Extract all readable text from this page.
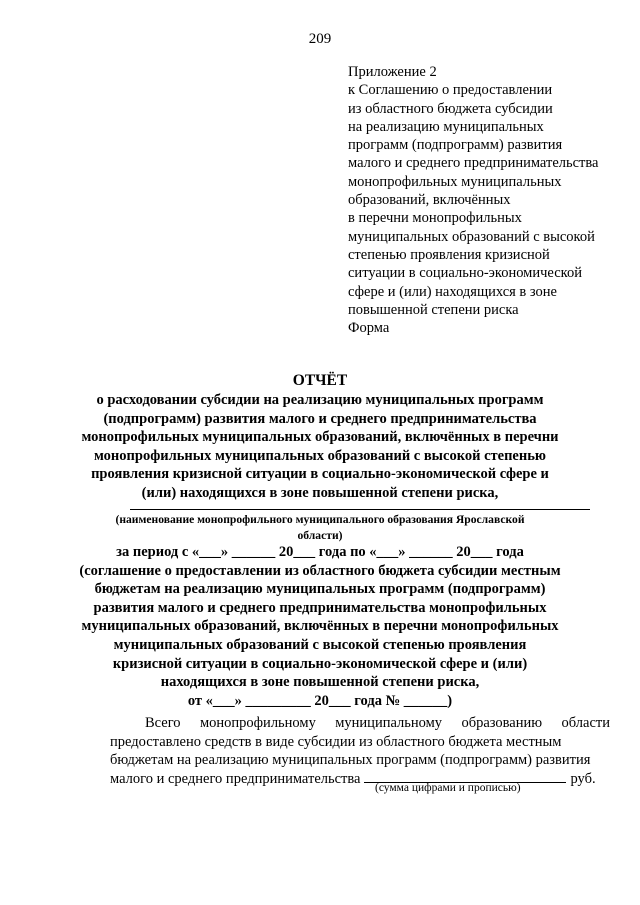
209
Приложение 2
к Соглашению о предоставлении
из областного бюджета субсидии
на реализацию муниципальных
программ (подпрограмм) развития
малого и среднего предпринимательства
монопрофильных муниципальных
образований, включённых
в перечни монопрофильных
муниципальных образований с высокой
степенью проявления кризисной
ситуации в социально-экономической
сфере и (или) находящихся в зоне
повышенной степени риска
Форма
ОТЧЁТ
о расходовании субсидии на реализацию муниципальных программ
(подпрограмм) развития малого и среднего предпринимательства
монопрофильных муниципальных образований, включённых в перечни
монопрофильных муниципальных образований с высокой степенью
проявления кризисной ситуации в социально-экономической сфере и
(или) находящихся в зоне повышенной степени риска,
(наименование монопрофильного муниципального образования Ярославской
области)
за период с «___» ______ 20___ года по «___» ______ 20___ года
(соглашение о предоставлении из областного бюджета субсидии местным
бюджетам на реализацию муниципальных программ (подпрограмм)
развития малого и среднего предпринимательства монопрофильных
муниципальных образований, включённых в перечни монопрофильных
муниципальных образований с высокой степенью проявления
кризисной ситуации в социально-экономической сфере и (или)
находящихся в зоне повышенной степени риска,
от «___» _________ 20___ года № ______)
Всего монопрофильному муниципальному образованию области
предоставлено средств в виде субсидии из областного бюджета местным
бюджетам на реализацию муниципальных программ (подпрограмм) развития
малого и среднего предпринимательства	руб.
(сумма цифрами и прописью)
